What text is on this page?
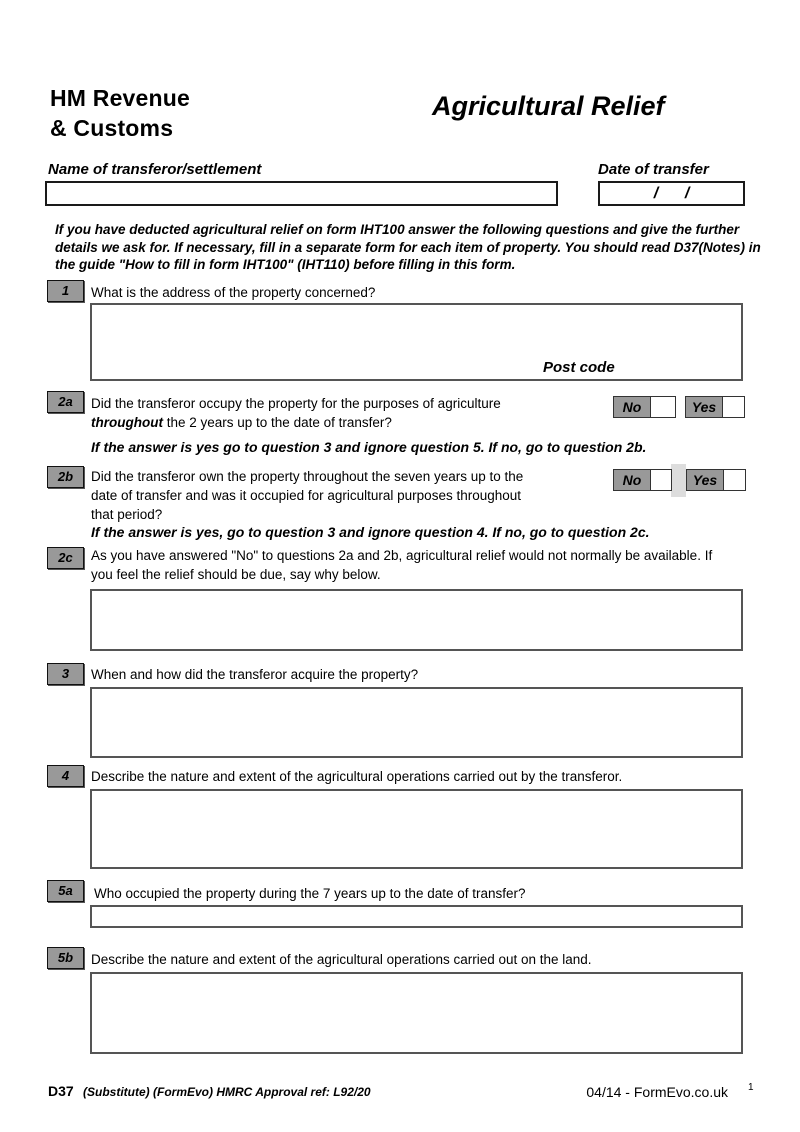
HM Revenue
& Customs
Agricultural Relief
Name of transferor/settlement	Date of transfer
/      /
If you have deducted agricultural relief on form IHT100 answer the following questions and give the further
details we ask for. If necessary, fill in a separate form for each item of property. You should read D37(Notes) in
the guide "How to fill in form IHT100" (IHT110) before filling in this form.
1	What is the address of the property concerned?
Post code
2a	Did the transferor occupy the property for the purposes of agriculture
throughout the 2 years up to the date of transfer?
No	Yes
If the answer is yes go to question 3 and ignore question 5. If no, go to question 2b.
2b	Did the transferor own the property throughout the seven years up to the
date of transfer and was it occupied for agricultural purposes throughout
that period?
No	Yes
If the answer is yes, go to question 3 and ignore question 4. If no, go to question 2c.
2c	As you have answered "No" to questions 2a and 2b, agricultural relief would not normally be available. If
you feel the relief should be due, say why below.
3	When and how did the transferor acquire the property?
4	Describe the nature and extent of the agricultural operations carried out by the transferor.
5a	Who occupied the property during the 7 years up to the date of transfer?
5b	Describe the nature and extent of the agricultural operations carried out on the land.
D37 (Substitute) (FormEvo) HMRC Approval ref: L92/20	04/14 - FormEvo.co.uk 1
